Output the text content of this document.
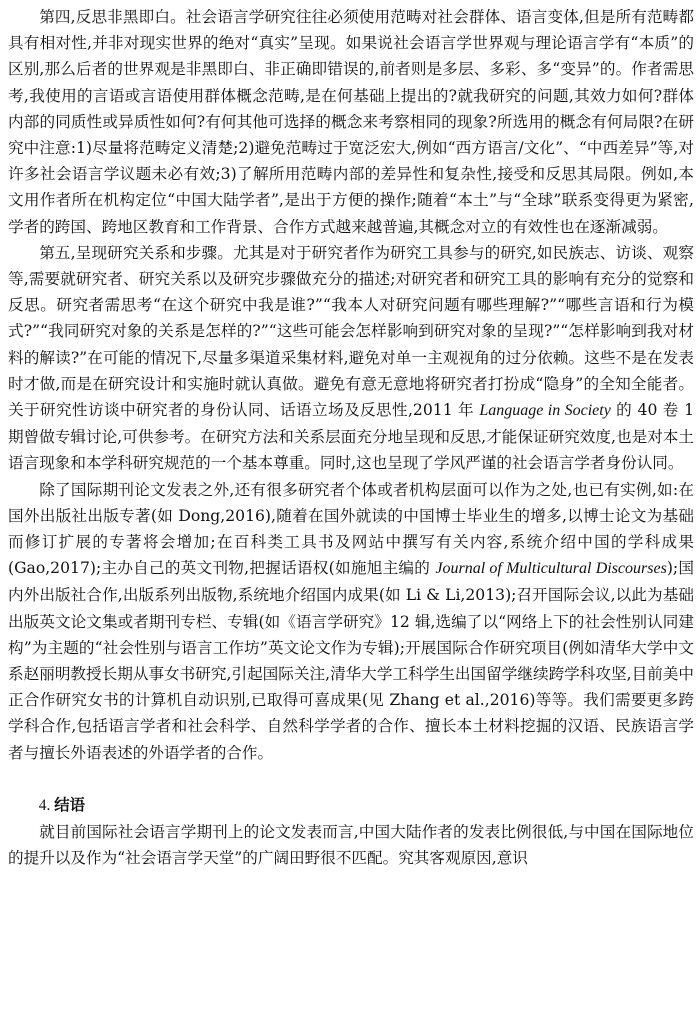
第四,反思非黑即白。社会语言学研究往往必须使用范畴对社会群体、语言变体,但是所有范畴都具有相对性,并非对现实世界的绝对“真实”呈现。如果说社会语言学世界观与理论语言学有“本质”的区别,那么后者的世界观是非黑即白、非正确即错误的,前者则是多层、多彩、多“变异”的。作者需思考,我使用的言语或言语使用群体概念范畴,是在何基础上提出的?就我研究的问题,其效力如何?群体内部的同质性或异质性如何?有何其他可选择的概念来考察相同的现象?所选用的概念有何局限?在研究中注意:1)尽量将范畴定义清楚;2)避免范畴过于宽泛宏大,例如“西方语言/文化”、“中西差异”等,对许多社会语言学议题未必有效;3)了解所用范畴内部的差异性和复杂性,接受和反思其局限。例如,本文用作者所在机构定位“中国大陆学者”,是出于方便的操作;随着“本土”与“全球”联系变得更为紧密,学者的跨国、跨地区教育和工作背景、合作方式越来越普遍,其概念对立的有效性也在逐渐减弱。

第五,呈现研究关系和步骤。尤其是对于研究者作为研究工具参与的研究,如民族志、访谈、观察等,需要就研究者、研究关系以及研究步骤做充分的描述;对研究者和研究工具的影响有充分的觉察和反思。研究者需思考“在这个研究中我是谁?”“我本人对研究问题有哪些理解?”“哪些言语和行为模式?”“我同研究对象的关系是怎样的?”“这些可能会怎样影响到研究对象的呈现?”“怎样影响到我对材料的解读?”在可能的情况下,尽量多渠道采集材料,避免对单一主观视角的过分依赖。这些不是在发表时才做,而是在研究设计和实施时就认真做。避免有意无意地将研究者打扮成“隐身”的全知全能者。关于研究性访谈中研究者的身份认同、话语立场及反思性,2011 年 Language in Society 的 40 卷 1 期曾做专辑讨论,可供参考。在研究方法和关系层面充分地呈现和反思,才能保证研究效度,也是对本土语言现象和本学科研究规范的一个基本尊重。同时,这也呈现了学风严谨的社会语言学者身份认同。

除了国际期刊论文发表之外,还有很多研究者个体或者机构层面可以作为之处,也已有实例,如:在国外出版社出版专著(如 Dong,2016),随着在国外就读的中国博士毕业生的增多,以博士论文为基础而修订扩展的专著将会增加;在百科类工具书及网站中撰写有关内容,系统介绍中国的学科成果(Gao,2017);主办自己的英文刊物,把握话语权(如施旭主编的 Journal of Multicultural Discourses);国内外出版社合作,出版系列出版物,系统地介绍国内成果(如 Li & Li,2013);召开国际会议,以此为基础出版英文论文集或者期刊专栏、专辑(如《语言学研究》12 辑,选编了以“网络上下的社会性别认同建构”为主题的“社会性别与语言工作坊”英文论文作为专辑);开展国际合作研究项目(例如清华大学中文系赵丽明教授长期从事女书研究,引起国际关注,清华大学工科学生出国留学继续跨学科攻坚,目前美中正合作研究女书的计算机自动识别,已取得可喜成果(见 Zhang et al.,2016)等等。我们需要更多跨学科合作,包括语言学者和社会科学、自然科学学者的合作、擅长本土材料挖掘的汉语、民族语言学者与擅长外语表述的外语学者的合作。

4. 结语

就目前国际社会语言学期刊上的论文发表而言,中国大陆作者的发表比例很低,与中国在国际地位的提升以及作为“社会语言学天堂”的广阔田野很不匹配。究其客观原因,意识
